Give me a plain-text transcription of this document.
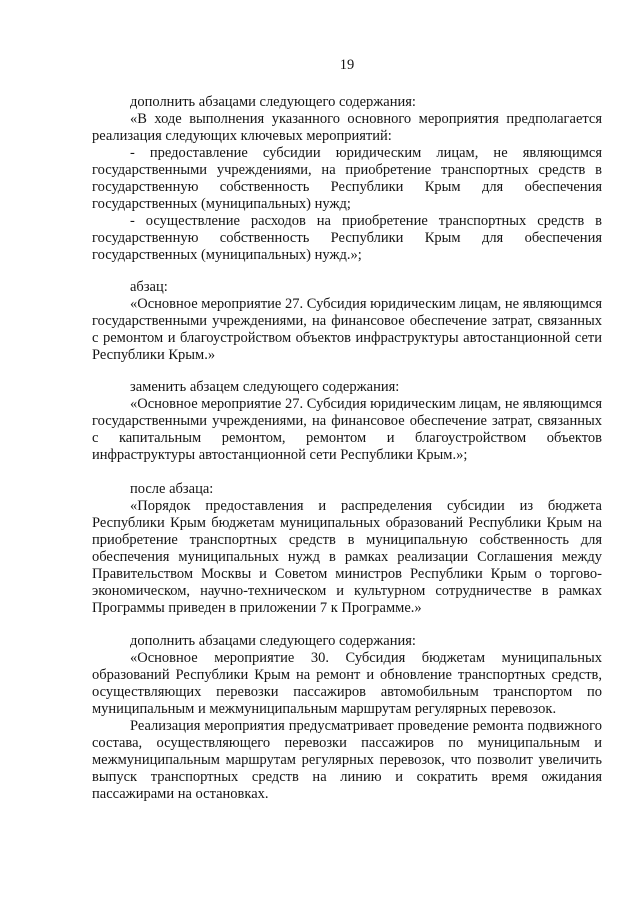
19

дополнить абзацами следующего содержания:

«В ходе выполнения указанного основного мероприятия предполагается реализация следующих ключевых мероприятий:

- предоставление субсидии юридическим лицам, не являющимся государственными учреждениями, на приобретение транспортных средств в государственную собственность Республики Крым для обеспечения государственных (муниципальных) нужд;

- осуществление расходов на приобретение транспортных средств в государственную собственность Республики Крым для обеспечения государственных (муниципальных) нужд.»;

абзац:

«Основное мероприятие 27. Субсидия юридическим лицам, не являющимся государственными учреждениями, на финансовое обеспечение затрат, связанных с ремонтом и благоустройством объектов инфраструктуры автостанционной сети Республики Крым.»

заменить абзацем следующего содержания:

«Основное мероприятие 27. Субсидия юридическим лицам, не являющимся государственными учреждениями, на финансовое обеспечение затрат, связанных с капитальным ремонтом, ремонтом и благоустройством объектов инфраструктуры автостанционной сети Республики Крым.»;

после абзаца:

«Порядок предоставления и распределения субсидии из бюджета Республики Крым бюджетам муниципальных образований Республики Крым на приобретение транспортных средств в муниципальную собственность для обеспечения муниципальных нужд в рамках реализации Соглашения между Правительством Москвы и Советом министров Республики Крым о торгово-экономическом, научно-техническом и культурном сотрудничестве в рамках Программы приведен в приложении 7 к Программе.»

дополнить абзацами следующего содержания:

«Основное мероприятие 30. Субсидия бюджетам муниципальных образований Республики Крым на ремонт и обновление транспортных средств, осуществляющих перевозки пассажиров автомобильным транспортом по муниципальным и межмуниципальным маршрутам регулярных перевозок.

Реализация мероприятия предусматривает проведение ремонта подвижного состава, осуществляющего перевозки пассажиров по муниципальным и межмуниципальным маршрутам регулярных перевозок, что позволит увеличить выпуск транспортных средств на линию и сократить время ожидания пассажирами на остановках.
